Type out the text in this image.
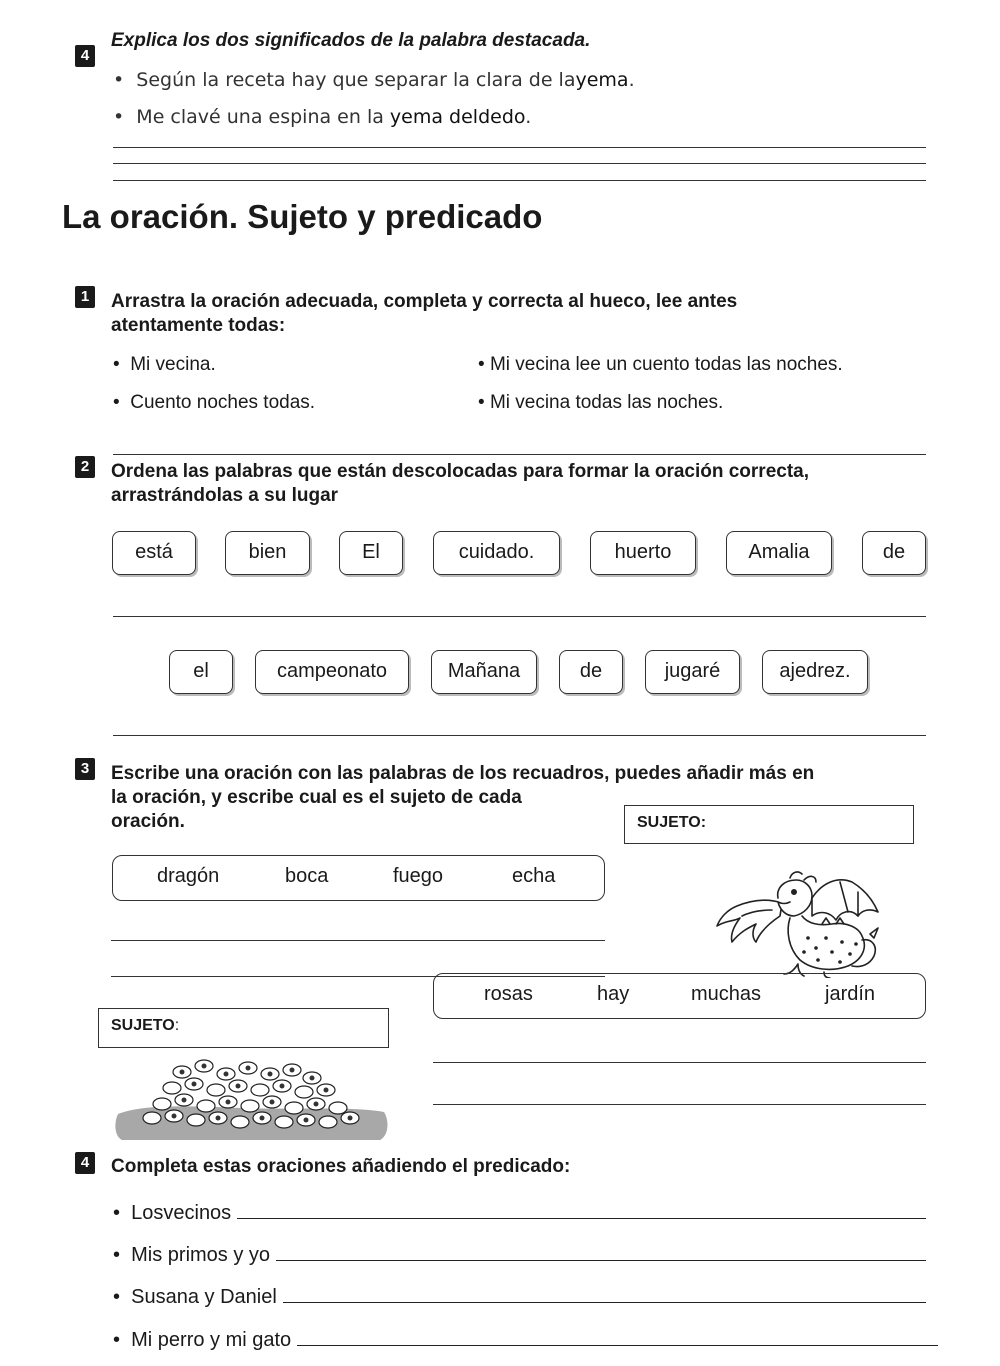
4
Explica los dos significados de la palabra destacada.
•  Según la receta hay que separar la clara de layema.
•  Me clavé una espina en la yema deldedo.
La oración. Sujeto y predicado
1	Arrastra la oración adecuada, completa y correcta al hueco, lee antes
atentamente todas:
•  Mi vecina.	• Mi vecina lee un cuento todas las noches.
•  Cuento noches todas.	• Mi vecina todas las noches.
2	Ordena las palabras que están descolocadas para formar la oración correcta,
arrastrándolas a su lugar
está	bien	El	cuidado.	huerto	Amalia	de
el	campeonato	Mañana	de	jugaré	ajedrez.
3	Escribe una oración con las palabras de los recuadros, puedes añadir más en
la oración, y escribe cual es el sujeto de cada
oración.	SUJETO:
dragón	boca	fuego	echa
rosas	hay	muchas	jardín
SUJETO:
4	Completa estas oraciones añadiendo el predicado:
• Losvecinos
• Mis primos y yo
• Susana y Daniel
• Mi perro y mi gato
